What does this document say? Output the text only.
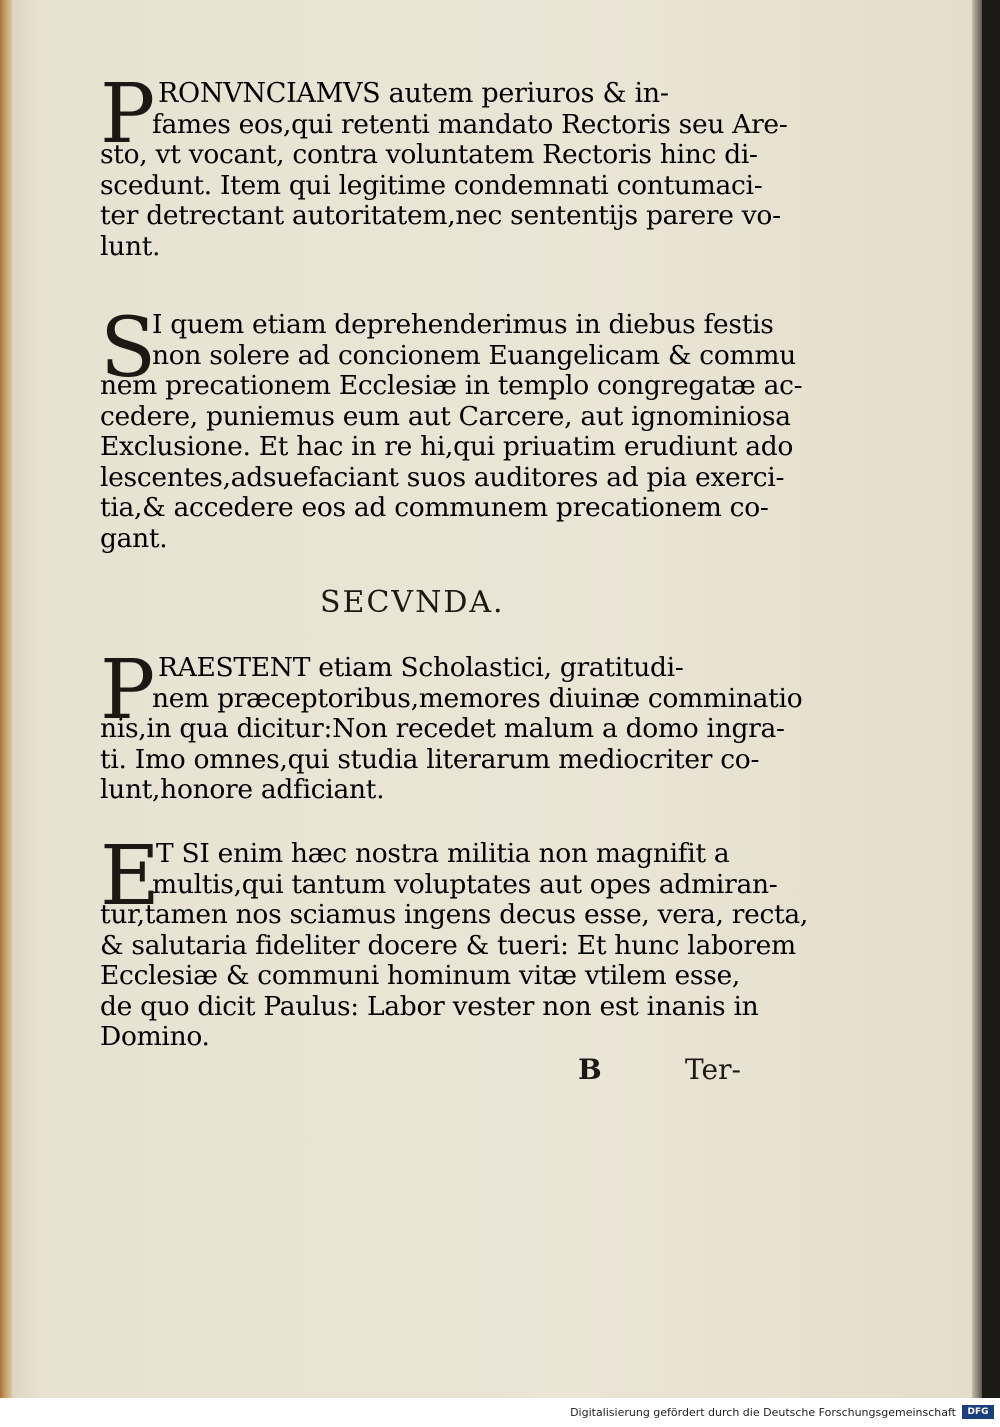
P RONVNCIAMVS autem periuros & in-
fames eos,qui retenti mandato Rectoris seu Are-
sto, vt vocant, contra voluntatem Rectoris hinc di-
scedunt. Item qui legitime condemnati contumaci-
ter detrectant autoritatem,nec sententijs parere vo-
lunt.
S
I quem etiam deprehenderimus in diebus festis
non solere ad concionem Euangelicam & commu
nem precationem Ecclesiæ in templo congregatæ ac-
cedere, puniemus eum aut Carcere, aut ignominiosa
Exclusione. Et hac in re hi,qui priuatim erudiunt ado
lescentes,adsuefaciant suos auditores ad pia exerci-
tia,& accedere eos ad communem precationem co-
gant.
SECVNDA.
P RAESTENT etiam Scholastici, gratitudi-
nem præceptoribus,memores diuinæ comminatio
nis,in qua dicitur:Non recedet malum a domo ingra-
ti. Imo omnes,qui studia literarum mediocriter co-
lunt,honore adficiant.
E
T SI enim hæc nostra militia non magnifit a
multis,qui tantum voluptates aut opes admiran-
tur,tamen nos sciamus ingens decus esse, vera, recta,
& salutaria fideliter docere & tueri: Et hunc laborem
Ecclesiæ & communi hominum vitæ vtilem esse,
de quo dicit Paulus: Labor vester non est inanis in
Domino.
B	Ter-
Digitalisierung gefördert durch die Deutsche Forschungsgemeinschaft	DFG
